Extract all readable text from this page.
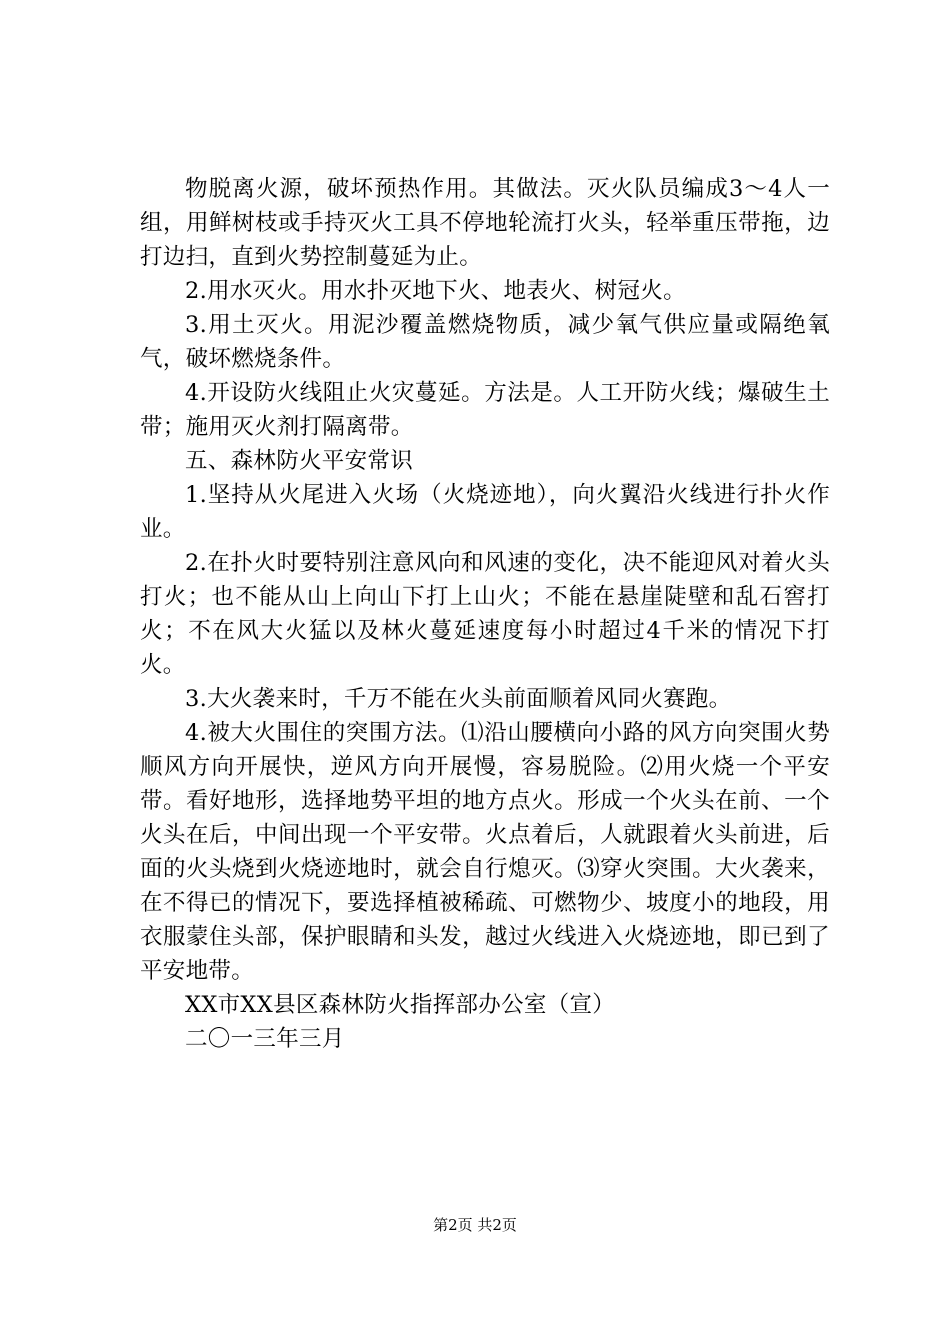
物脱离火源，破坏预热作用。其做法。灭火队员编成3～4人一组，用鲜树枝或手持灭火工具不停地轮流打火头，轻举重压带拖，边打边扫，直到火势控制蔓延为止。

2.用水灭火。用水扑灭地下火、地表火、树冠火。

3.用土灭火。用泥沙覆盖燃烧物质，减少氧气供应量或隔绝氧气，破坏燃烧条件。

4.开设防火线阻止火灾蔓延。方法是。人工开防火线；爆破生土带；施用灭火剂打隔离带。

五、森林防火平安常识

1.坚持从火尾进入火场（火烧迹地），向火翼沿火线进行扑火作业。

2.在扑火时要特别注意风向和风速的变化，决不能迎风对着火头打火；也不能从山上向山下打上山火；不能在悬崖陡壁和乱石窖打火；不在风大火猛以及林火蔓延速度每小时超过4千米的情况下打火。

3.大火袭来时，千万不能在火头前面顺着风同火赛跑。

4.被大火围住的突围方法。⑴沿山腰横向小路的风方向突围火势顺风方向开展快，逆风方向开展慢，容易脱险。⑵用火烧一个平安带。看好地形，选择地势平坦的地方点火。形成一个火头在前、一个火头在后，中间出现一个平安带。火点着后，人就跟着火头前进，后面的火头烧到火烧迹地时，就会自行熄灭。⑶穿火突围。大火袭来，在不得已的情况下，要选择植被稀疏、可燃物少、坡度小的地段，用衣服蒙住头部，保护眼睛和头发，越过火线进入火烧迹地，即已到了平安地带。

XX市XX县区森林防火指挥部办公室（宣）

二〇一三年三月

第2页 共2页
